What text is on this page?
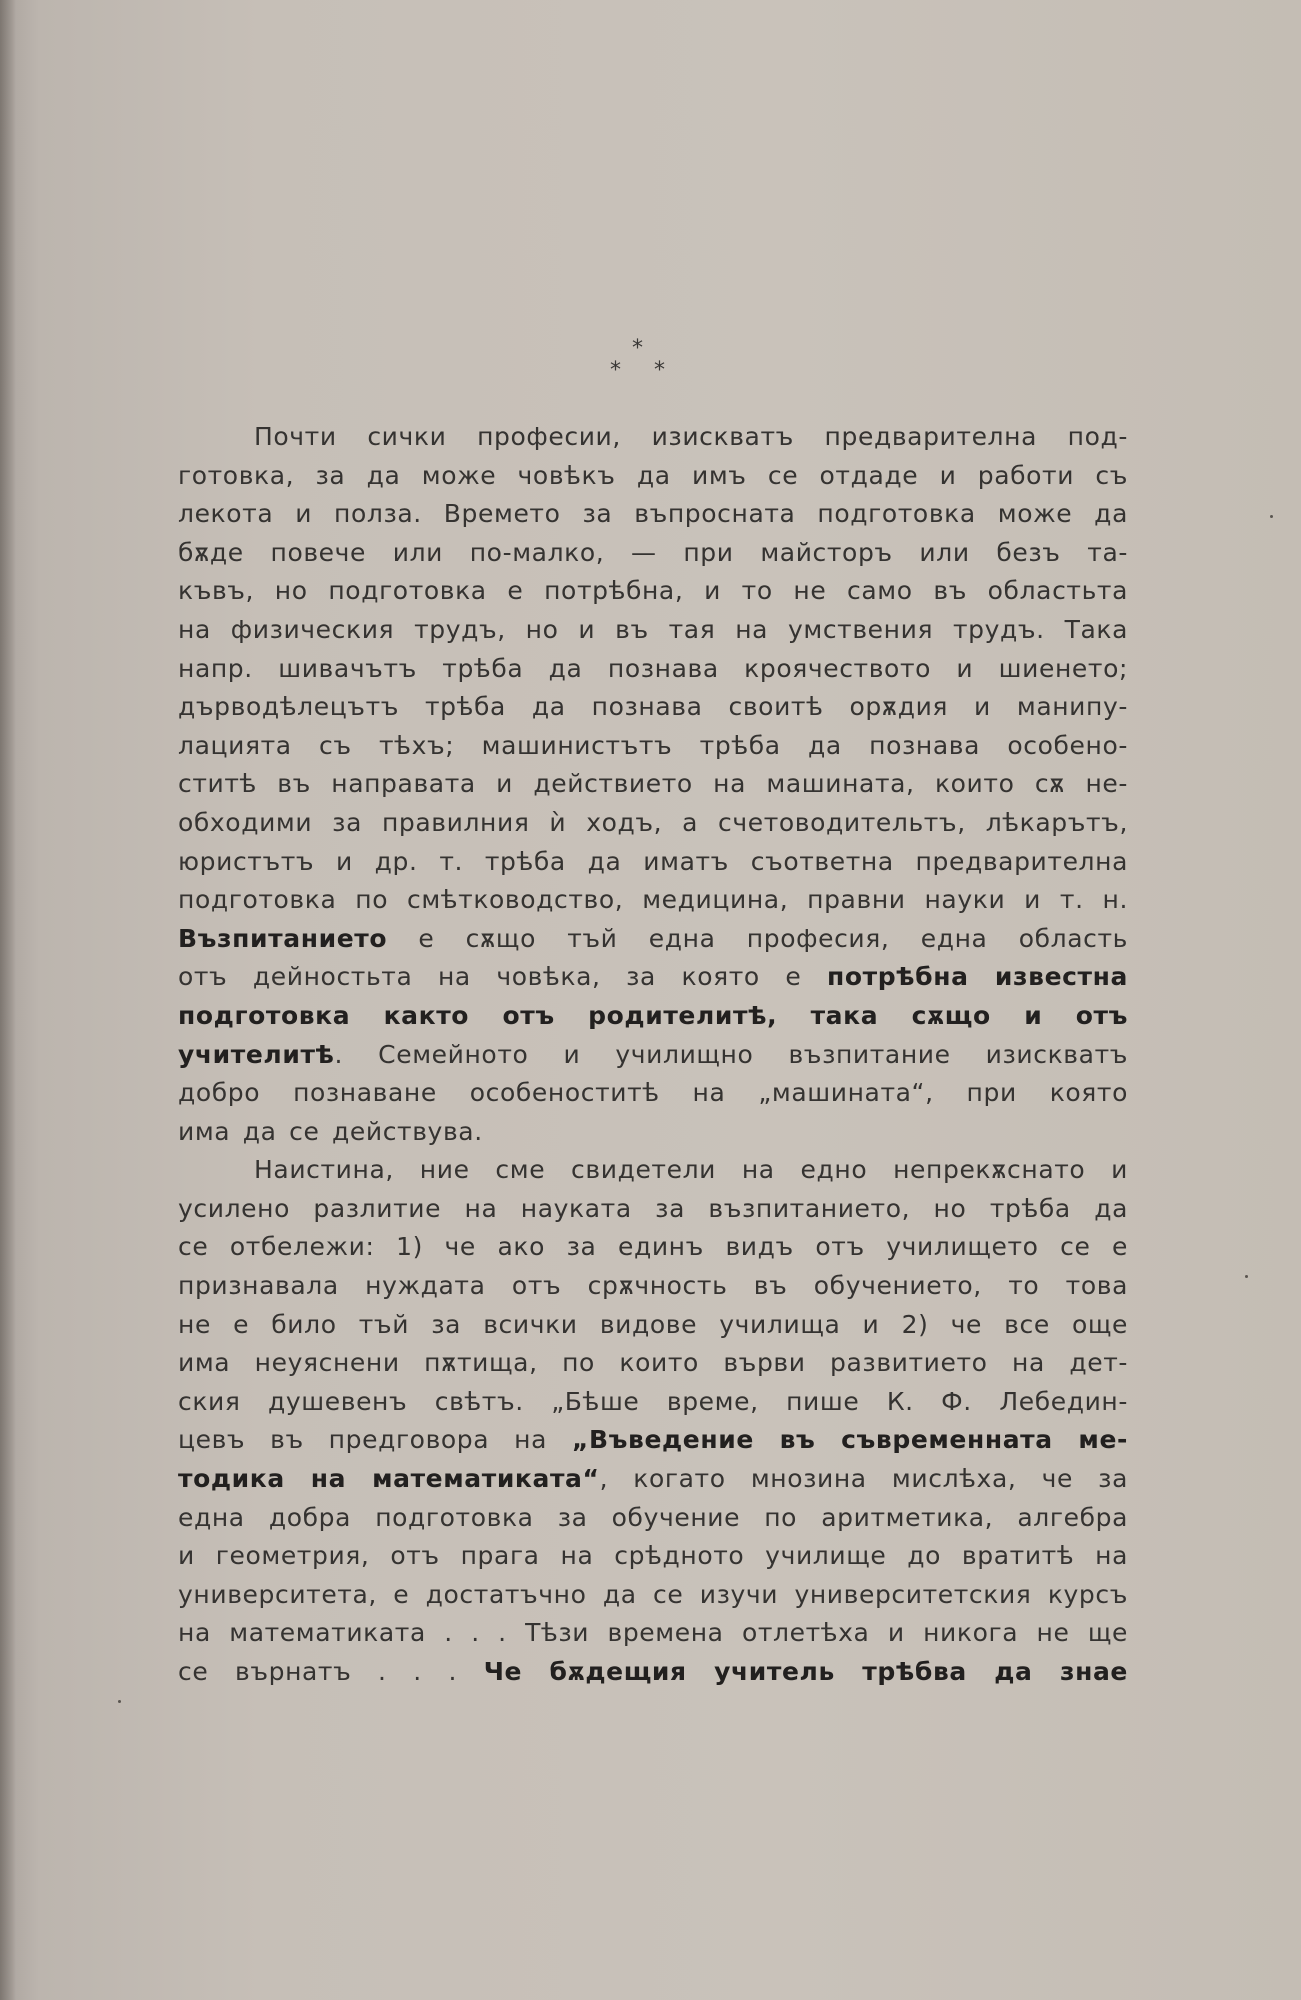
*
* *

Почти сички професии, изискватъ предварителна под-
готовка, за да може човѣкъ да имъ се отдаде и работи съ
лекота и полза. Времето за въпросната подготовка може да
бѫде повече или по-малко, — при майсторъ или безъ та-
къвъ, но подготовка е потрѣбна, и то не само въ областьта
на физическия трудъ, но и въ тая на умствения трудъ. Така
напр. шивачътъ трѣба да познава кроячеството и шиенето;
дърводѣлецътъ трѣба да познава своитѣ орѫдия и манипу-
лацията съ тѣхъ; машинистътъ трѣба да познава особено-
ститѣ въ направата и действието на машината, които сѫ не-
обходими за правилния ѝ ходъ, а счетоводительтъ, лѣкарътъ,
юристътъ и др. т. трѣба да иматъ съответна предварителна
подготовка по смѣтководство, медицина, правни науки и т. н.
Възпитанието е сѫщо тъй една професия, една область
отъ дейностьта на човѣка, за която е потрѣбна известна
подготовка както отъ родителитѣ, така сѫщо и отъ
учителитѣ. Семейното и училищно възпитание изискватъ
добро познаване особеноститѣ на „машината“, при която
има да се действува.

Наистина, ние сме свидетели на едно непрекѫснато и
усилено разлитие на науката за възпитанието, но трѣба да
се отбележи: 1) че ако за единъ видъ отъ училището се е
признавала нуждата отъ срѫчность въ обучениeто, то това
не е било тъй за всички видове училища и 2) че все още
има неуяснени пѫтища, по които върви развитието на дет-
ския душевенъ свѣтъ. „Бѣше време, пише К. Ф. Лебедин-
цевъ въ предговора на „Въведение въ съвременната ме-
тодика на математиката“, когато мнозина мислѣха, че за
една добра подготовка за обучение по аритметика, алгебра
и геометрия, отъ прага на срѣдното училище до вратитѣ на
университета, е достатъчно да се изучи университетския курсъ
на математиката . . . Тѣзи времена отлетѣха и никога не ще
се върнатъ . . . Че бѫдещия учитель трѣбва да знае
